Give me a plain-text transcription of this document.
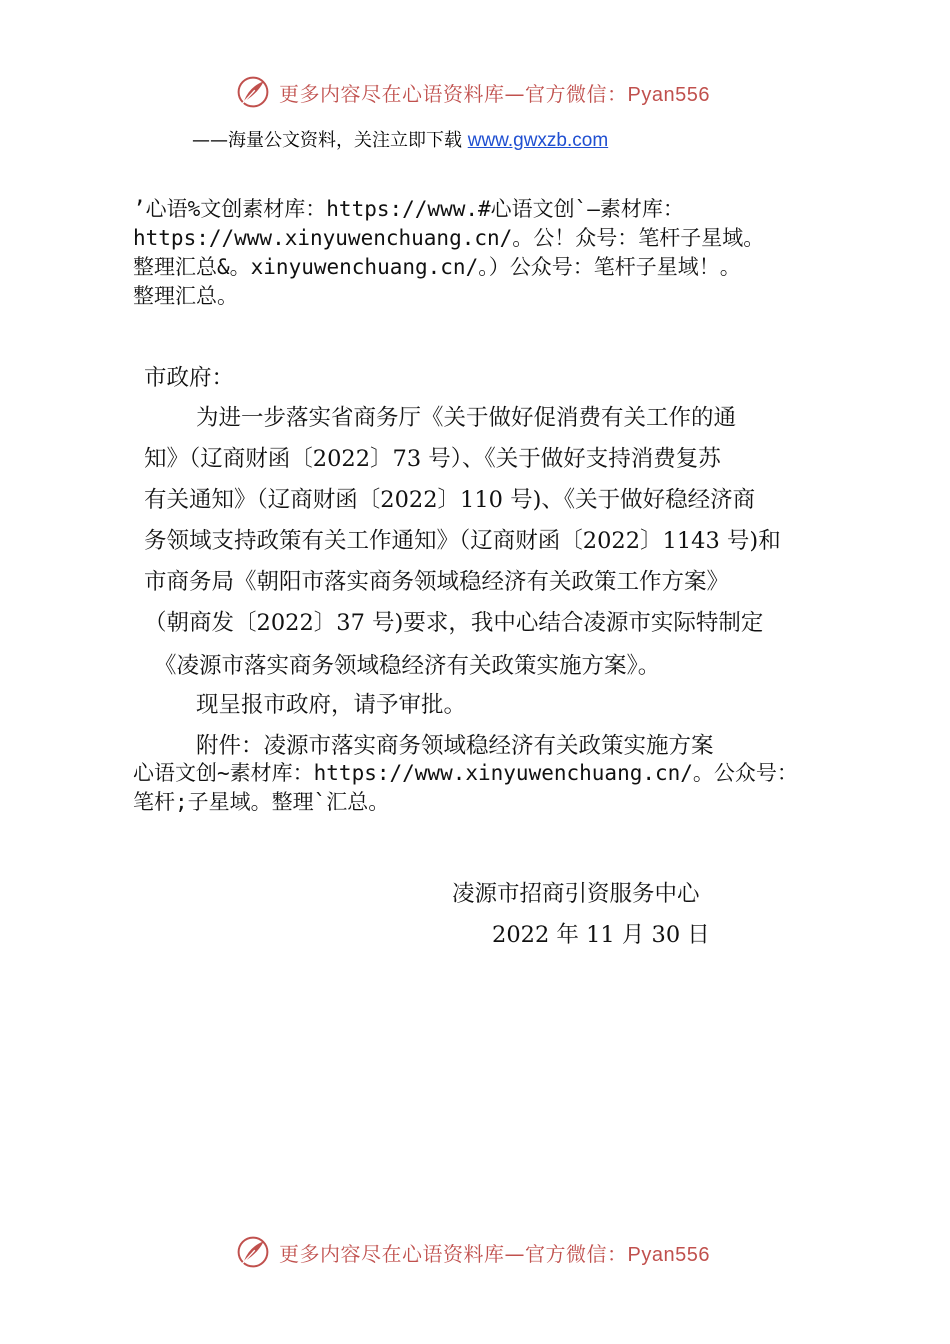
更多内容尽在心语资料库—官方微信：Pyan556
——海量公文资料，关注立即下载 www.gwxzb.com
’心语%文创素材库：https://www.#心语文创`—素材库：
https://www.xinyuwenchuang.cn/。公！众号：笔杆子星域。
整理汇总&。xinyuwenchuang.cn/。）公众号：笔杆子星域！。
整理汇总。
市政府：
为进一步落实省商务厅《关于做好促消费有关工作的通
知》（辽商财函〔2022〕73 号）、《关于做好支持消费复苏
有关通知》（辽商财函〔2022〕110 号)、《关于做好稳经济商
务领域支持政策有关工作通知》（辽商财函〔2022〕1143 号)和
市商务局《朝阳市落实商务领域稳经济有关政策工作方案》
（朝商发〔2022〕37 号)要求，我中心结合凌源市实际特制定
《凌源市落实商务领域稳经济有关政策实施方案》。
现呈报市政府，请予审批。
附件：凌源市落实商务领域稳经济有关政策实施方案
心语文创~素材库：https://www.xinyuwenchuang.cn/。公众号：
笔杆;子星域。整理`汇总。
凌源市招商引资服务中心
2022 年 11 月 30 日
更多内容尽在心语资料库—官方微信：Pyan556
